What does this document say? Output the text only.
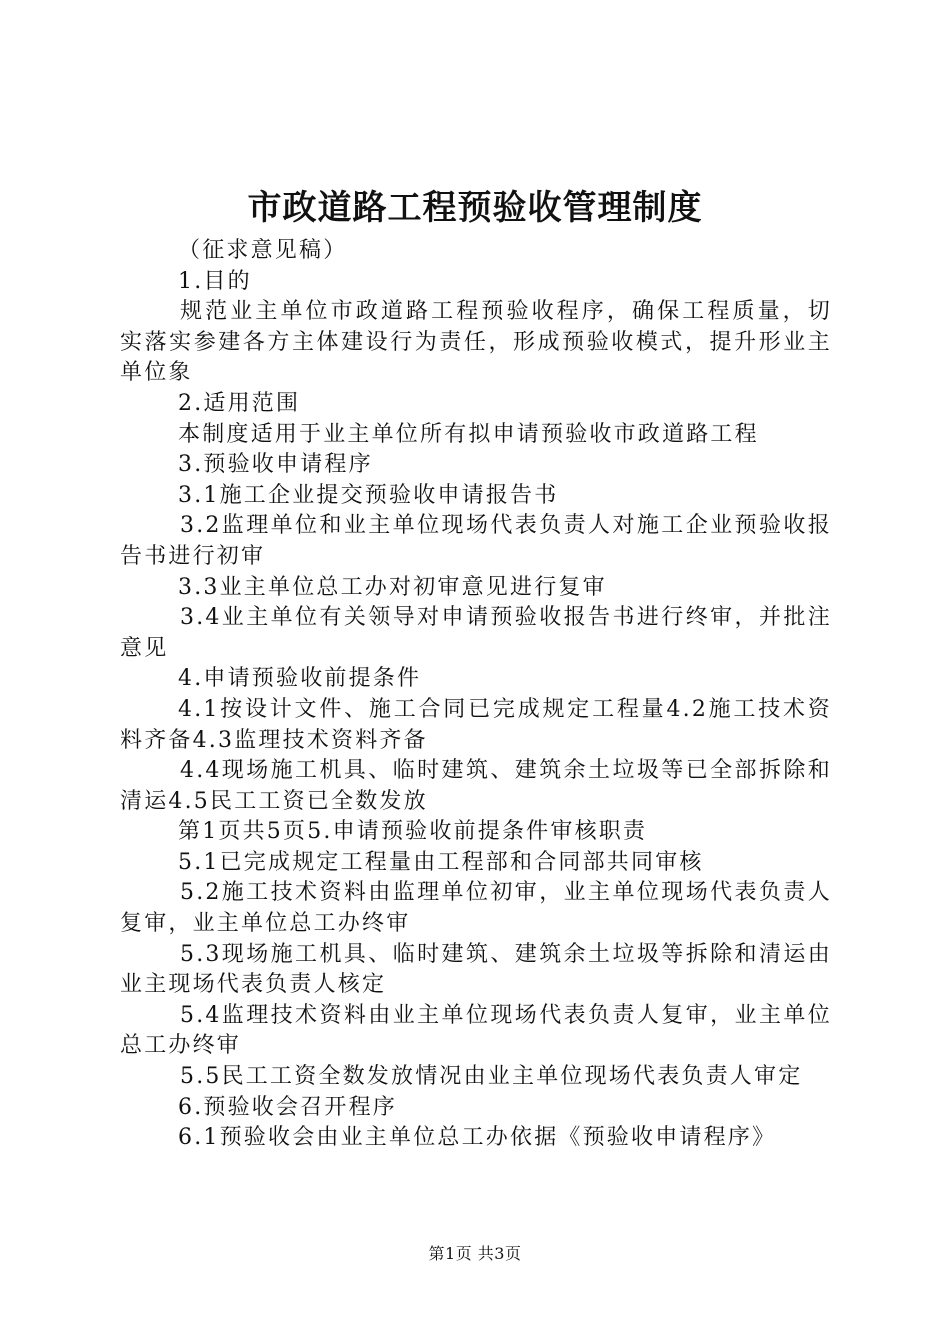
市政道路工程预验收管理制度

（征求意见稿）

1.目的

规范业主单位市政道路工程预验收程序，确保工程质量，切实落实参建各方主体建设行为责任，形成预验收模式，提升形业主单位象

2.适用范围

本制度适用于业主单位所有拟申请预验收市政道路工程

3.预验收申请程序

3.1施工企业提交预验收申请报告书

3.2监理单位和业主单位现场代表负责人对施工企业预验收报告书进行初审

3.3业主单位总工办对初审意见进行复审

3.4业主单位有关领导对申请预验收报告书进行终审，并批注意见

4.申请预验收前提条件

4.1按设计文件、施工合同已完成规定工程量4.2施工技术资料齐备4.3监理技术资料齐备

4.4现场施工机具、临时建筑、建筑余土垃圾等已全部拆除和清运4.5民工工资已全数发放

第1页共5页5.申请预验收前提条件审核职责

5.1已完成规定工程量由工程部和合同部共同审核

5.2施工技术资料由监理单位初审，业主单位现场代表负责人复审，业主单位总工办终审

5.3现场施工机具、临时建筑、建筑余土垃圾等拆除和清运由业主现场代表负责人核定

5.4监理技术资料由业主单位现场代表负责人复审，业主单位总工办终审

5.5民工工资全数发放情况由业主单位现场代表负责人审定

6.预验收会召开程序

6.1预验收会由业主单位总工办依据《预验收申请程序》

第1页 共3页
